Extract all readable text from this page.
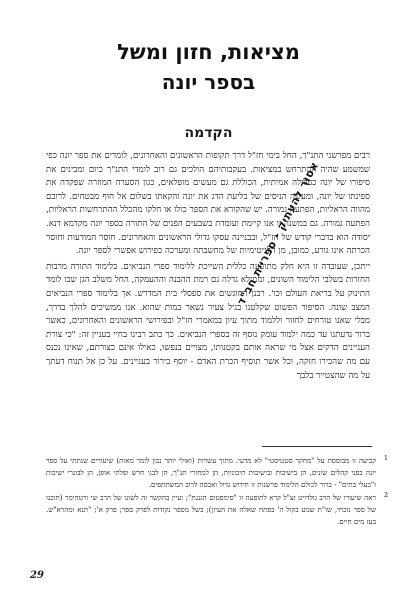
מציאות, חזון ומשל
בספר יונה
הקדמה

רבים מפרשני התנ"ך, החל בימי חז"ל דרך תקופות הראשונים והאחרונים, לומדים את ספר יונה כפי שמשמע שהיה ההתרחש במציאות. בעקבותיהם הולכים גם רוב לומדי התנ"ך כיום ומבינים את סיפורו של יונה כעלילה אמיתית, הכוללת גם מעשים מופלאים, כגון הסערה המוזרה שפקדה את ספינתו של יונה, ומעשה הניסים של בליעת הדג את יונה והקאתו בשלום אל חוף מבטחים. לרובם מהווה הראליות, הפתעה גמורה. יש שהקורא את הספר כולו או חלקו מהכלל ההתרחשות הראליות, הפתעה גמורה. גם במשנה זו אנו קיימת ועומדת בשבעים הפנים של התורה בספר יונה מקדמא דנא. יסודה הוא בדברי קודש של חז"ל, ובבניינה עסקו גדולי הראשונים והאחרונים. חוסר המודעות וחוסר הכרתה אינו גורע, כמובן, מן הלגיטימיות של מחשבתה ומערכה כפירוש אפשרי לספר יונה.

ייתכן, שעובדה זו היא חלק מתופעה כללית השייכת ללימוד ספרי הנביאים. בלימוד התורה מרבות החזרות בשלבי הלימוד השונים, וממילא גדלה גם רמת ההבנה וההעמקה, החל משלב הגן שבו לומד התינוק על בריאת העולם וכו'. רבנן החוגשים את ספסלי בית המדרש. אך בלימוד ספרי הנביאים המצב שונה. הסיפור הפשוט שקלטנו בגיל צעיר נשאר כמות שהוא. אנו ממשיכים להלך בדרך, מבלי שאנו טורחים לחזור וללמוד מתוך עיון במאמרי חז"ל ובפירושי הראשונים והאחרונים, כאשר ברור נדעתנו עד כמה ילמוד עומק נוסף זה בספרי הנביאים. כך כתב רבינו בחיי בעניין זה: "כי צורת העניינים הדקים אצל מי שראה אותם בקטנותו, מצויים בנפשו, כאילו אינם כצורתם, שאינו נכנס עם מה שהכירו חזקה, וכל אשר תוסיף הכרת האדם - יוסף בירור בעניינים. על כן אל תנוח דעתך על מה שהצטייר בלבך

אסור להעתיק - ספריית חב"ד
1
קביעה זו מבוססת על "מחקר סטטיסטי" לא מדעי. מתוך עשרות (ואולי יותר נכון לומר מאות) שיעורים שנתתי על ספר יונה בפני קהלים שונים, הן בישיבות ובישיבות תיכוניות, הן למחזרי תנ"ך, הן לבני חרש ופלתי אופן, הן לבוגרי ישיבות ו"בעלי בתים" - ברור לכולם הלימוד פרשנות זו חידוש גדול ואכסה לרוב המשתתפים.
2
ראה שיעורו של הרב גולדויט זצ"ל קרא לתופעה זו "סימפטום הגננת"; ועיין בהקשר זה לשונו של הרב שי ורטהימר (תוכנו של ספר נוכחי, שו"ת שמע בקול ה' בפתח שאלה את העיון); בשל מספר נקודות לפרק ספר; פרק א'; "תנא ומהרא"ש. בעז מים חיים.
29
